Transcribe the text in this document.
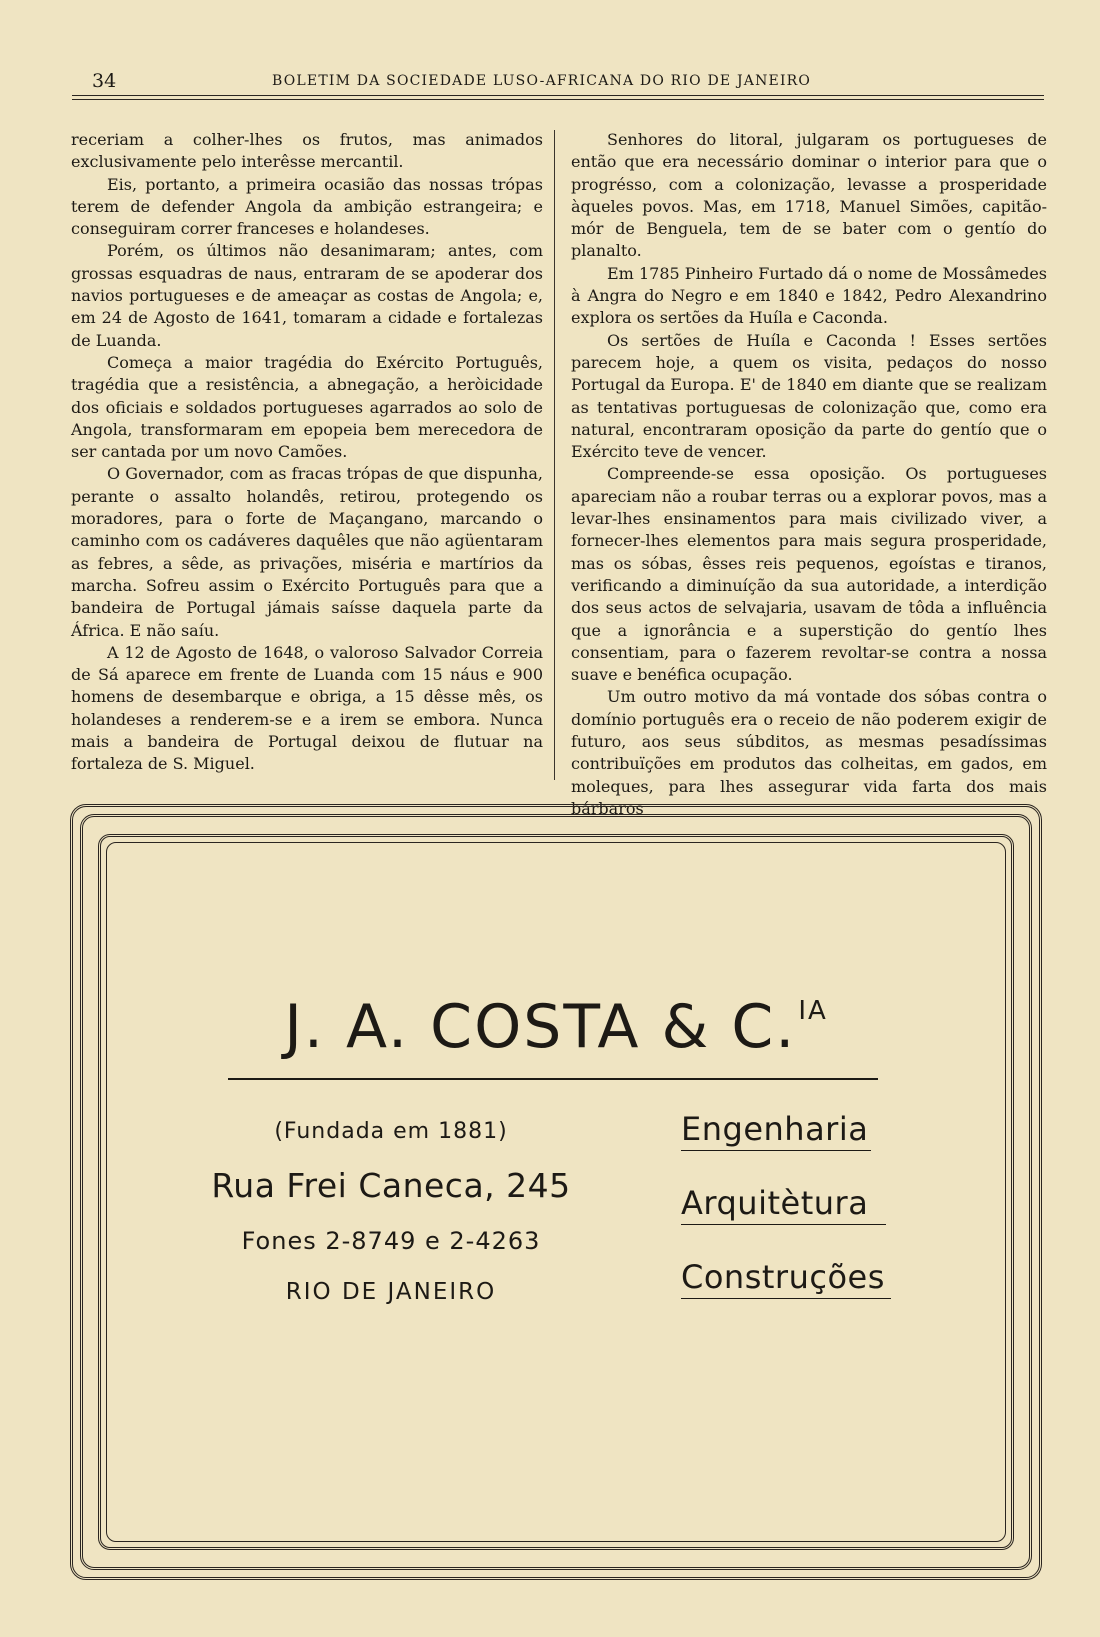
34	BOLETIM DA SOCIEDADE LUSO-AFRICANA DO RIO DE JANEIRO

receriam a colher-lhes os frutos, mas animados exclusivamente pelo interêsse mercantil.

Eis, portanto, a primeira ocasião das nossas trópas terem de defender Angola da ambição estrangeira; e conseguiram correr franceses e holandeses.

Porém, os últimos não desanimaram; antes, com grossas esquadras de naus, entraram de se apoderar dos navios portugueses e de ameaçar as costas de Angola; e, em 24 de Agosto de 1641, tomaram a cidade e fortalezas de Luanda.

Começa a maior tragédia do Exército Português, tragédia que a resistência, a abnegação, a heròicidade dos oficiais e soldados portugueses agarrados ao solo de Angola, transformaram em epopeia bem merecedora de ser cantada por um novo Camões.

O Governador, com as fracas trópas de que dispunha, perante o assalto holandês, retirou, protegendo os moradores, para o forte de Maçangano, marcando o caminho com os cadáveres daquêles que não agüentaram as febres, a sêde, as privações, miséria e martírios da marcha. Sofreu assim o Exército Português para que a bandeira de Portugal jámais saísse daquela parte da África. E não saíu.

A 12 de Agosto de 1648, o valoroso Salvador Correia de Sá aparece em frente de Luanda com 15 náus e 900 homens de desembarque e obriga, a 15 dêsse mês, os holandeses a renderem-se e a irem se embora. Nunca mais a bandeira de Portugal deixou de flutuar na fortaleza de S. Miguel.

Senhores do litoral, julgaram os portugueses de então que era necessário dominar o interior para que o progrésso, com a colonização, levasse a prosperidade àqueles povos. Mas, em 1718, Manuel Simões, capitão-mór de Benguela, tem de se bater com o gentío do planalto.

Em 1785 Pinheiro Furtado dá o nome de Mossâmedes à Angra do Negro e em 1840 e 1842, Pedro Alexandrino explora os sertões da Huíla e Caconda.

Os sertões de Huíla e Caconda ! Esses sertões parecem hoje, a quem os visita, pedaços do nosso Portugal da Europa. E' de 1840 em diante que se realizam as tentativas portuguesas de colonização que, como era natural, encontraram oposição da parte do gentío que o Exército teve de vencer.

Compreende-se essa oposição. Os portugueses apareciam não a roubar terras ou a explorar povos, mas a levar-lhes ensinamentos para mais civilizado viver, a fornecer-lhes elementos para mais segura prosperidade, mas os sóbas, êsses reis pequenos, egoístas e tiranos, verificando a diminuíção da sua autoridade, a interdição dos seus actos de selvajaria, usavam de tôda a influência que a ignorância e a superstição do gentío lhes consentiam, para o fazerem revoltar-se contra a nossa suave e benéfica ocupação.

Um outro motivo da má vontade dos sóbas contra o domínio português era o receio de não poderem exigir de futuro, aos seus súbditos, as mesmas pesadíssimas contribuïções em produtos das colheitas, em gados, em moleques, para lhes assegurar vida farta dos mais bárbaros

J. A. COSTA & C.$^{IA}$
(Fundada em 1881)
Rua Frei Caneca, 245
Fones 2-8749 e 2-4263
RIO DE JANEIRO
Engenharia
Arquitètura
Construções
